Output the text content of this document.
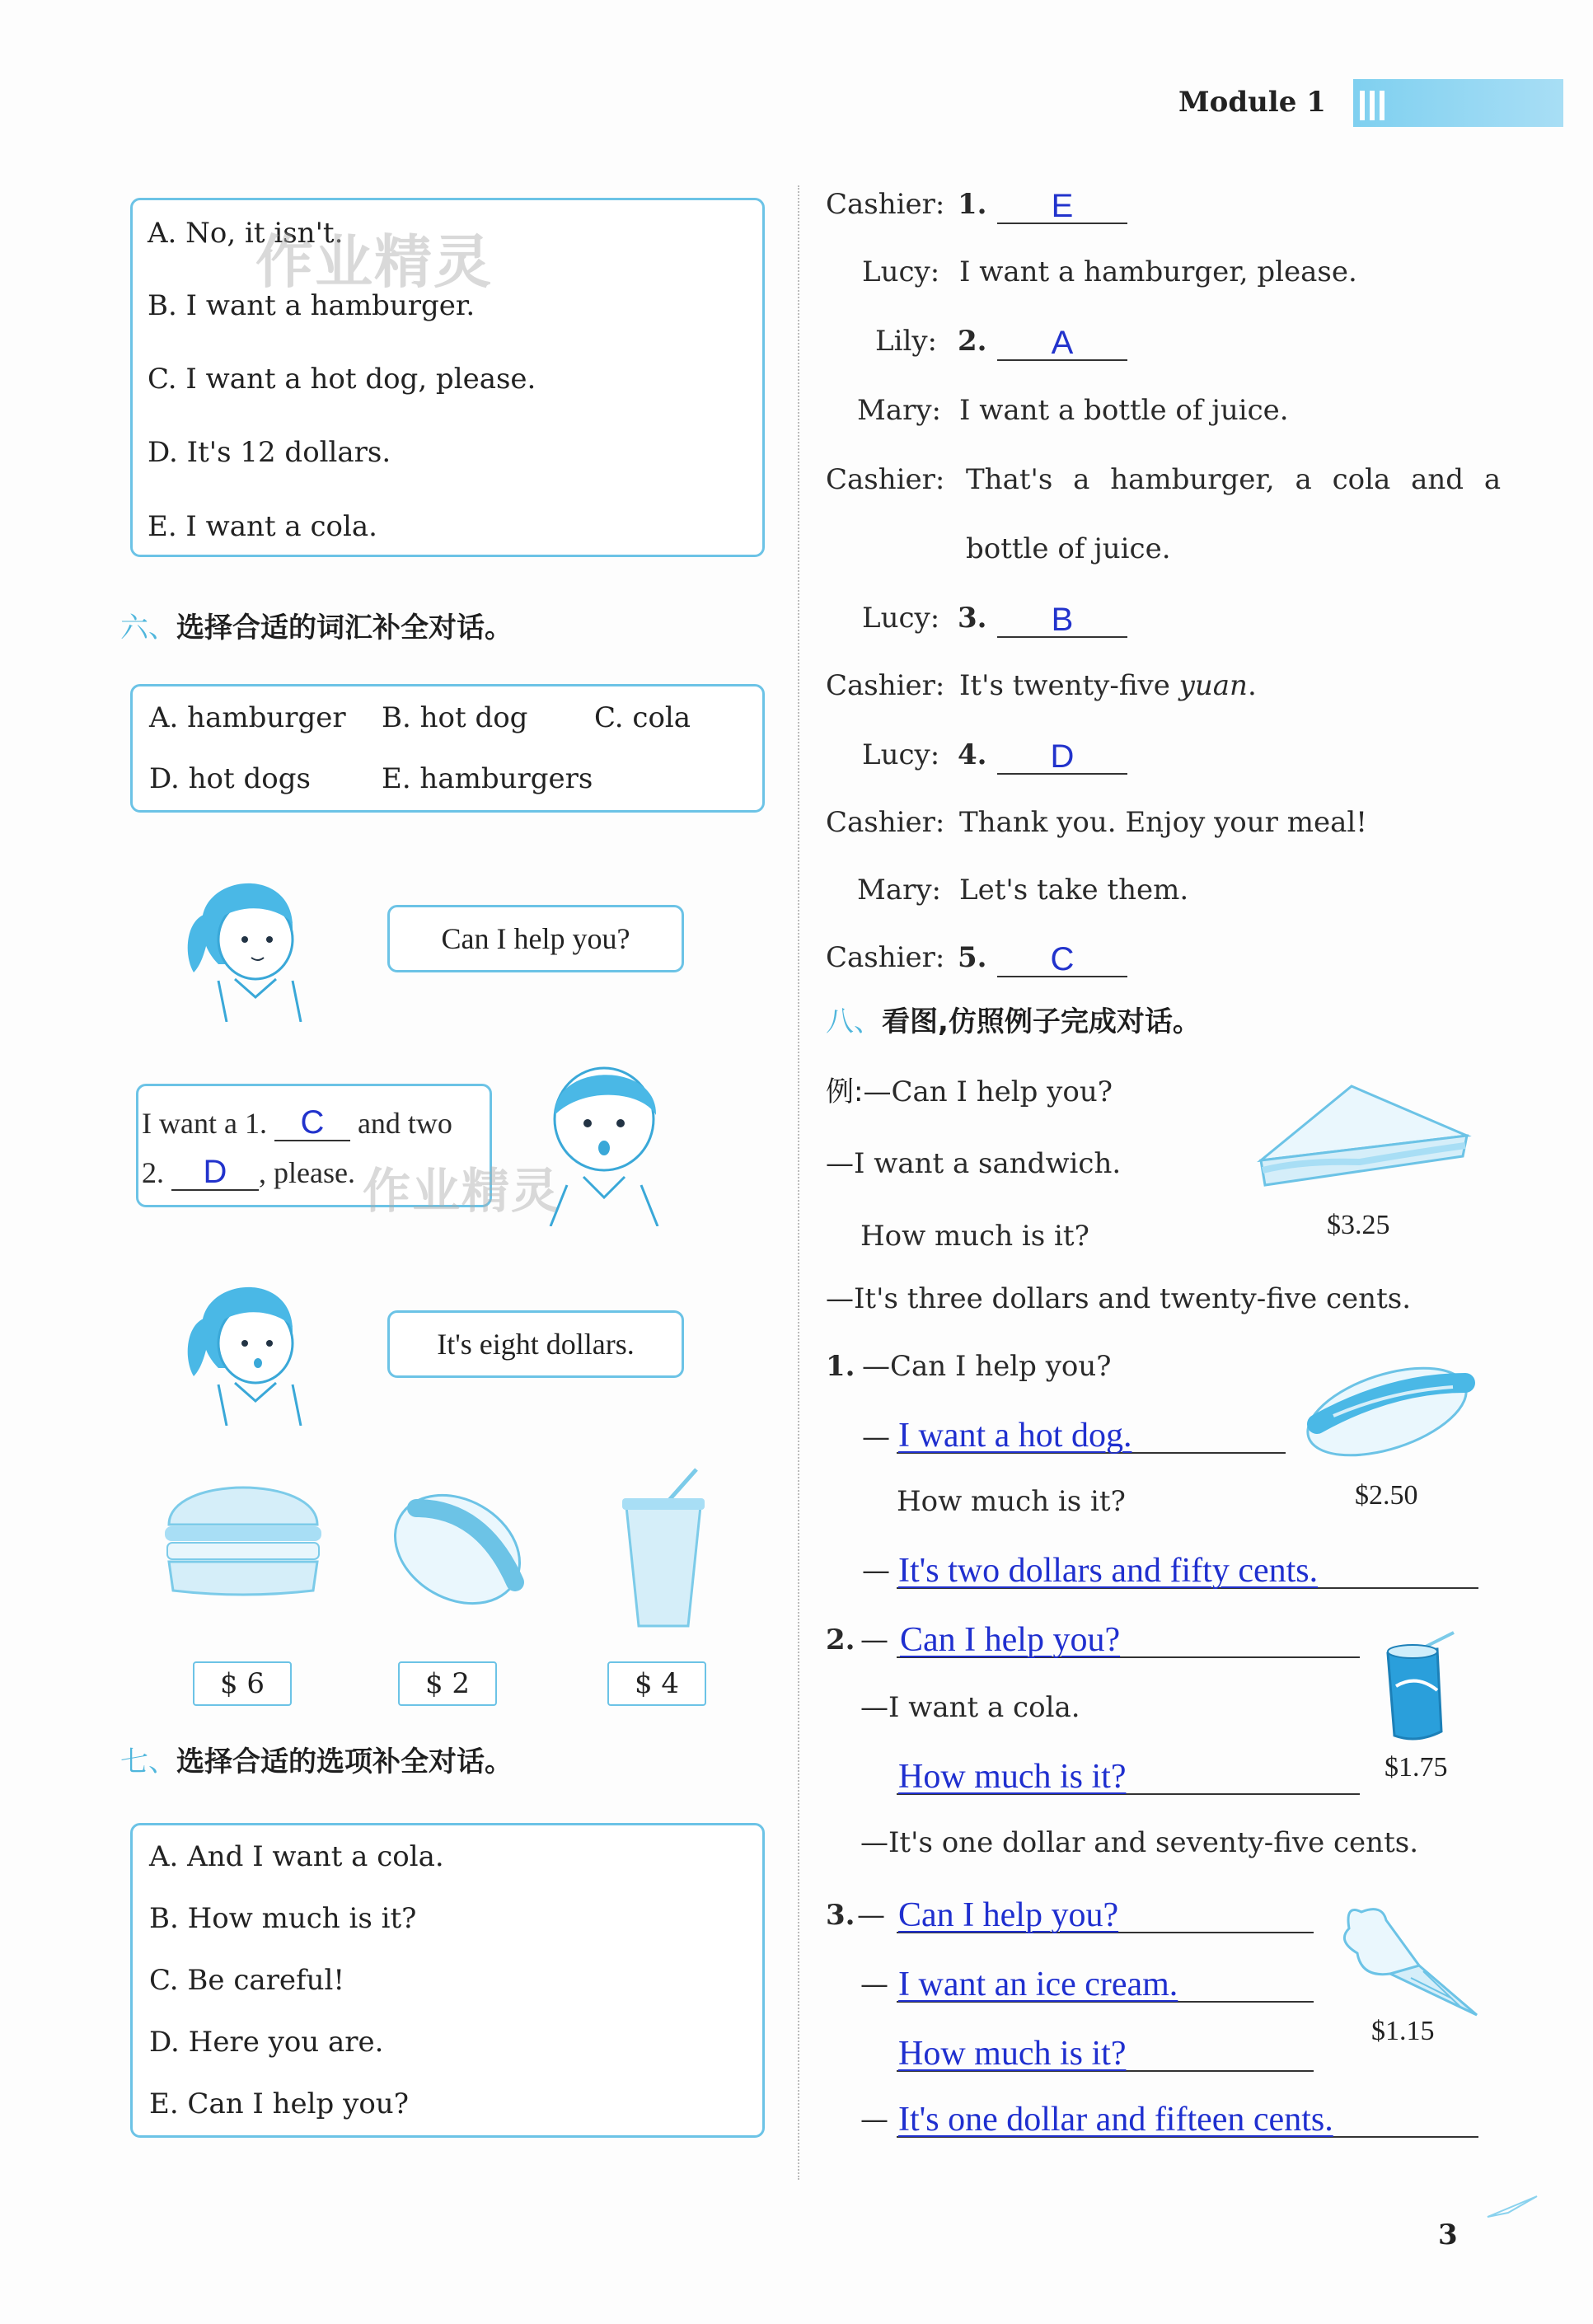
Module 1
A. No, it isn't.
B. I want a hamburger.
C. I want a hot dog, please.
D. It's 12 dollars.
E. I want a cola.
作业精灵
六、选择合适的词汇补全对话。
A. hamburger B. hot dog C. cola
D. hot dogs	E. hamburgers
Can I help you?
I want a 1. C and two
2. D , please. 作业精灵
It's eight dollars.
$ 6	$ 2	$ 4
七、选择合适的选项补全对话。
A. And I want a cola.
B. How much is it?
C. Be careful!
D. Here you are.
E. Can I help you?
Cashier: 1.	E
Lucy: I want a hamburger, please.
Lily: 2.	A
Mary: I want a bottle of juice.
Cashier: That's a hamburger, a cola and a
bottle of juice.
Lucy: 3.	B
Cashier: It's twenty-five yuan.
Lucy: 4.	D
Cashier: Thank you. Enjoy your meal!
Mary: Let's take them.
Cashier: 5.	C
八、看图,仿照例子完成对话。
例:—Can I help you?
—I want a sandwich.
How much is it?
—It's three dollars and twenty-five cents.
$3.25
1. —Can I help you?
— I want a hot dog.
How much is it?
— It's two dollars and fifty cents.
$2.50
2. — Can I help you?
—I want a cola.
How much is it?
—It's one dollar and seventy-five cents.
$1.75
3. — Can I help you?
— I want an ice cream.
How much is it?
— It's one dollar and fifteen cents.
$1.15
3
